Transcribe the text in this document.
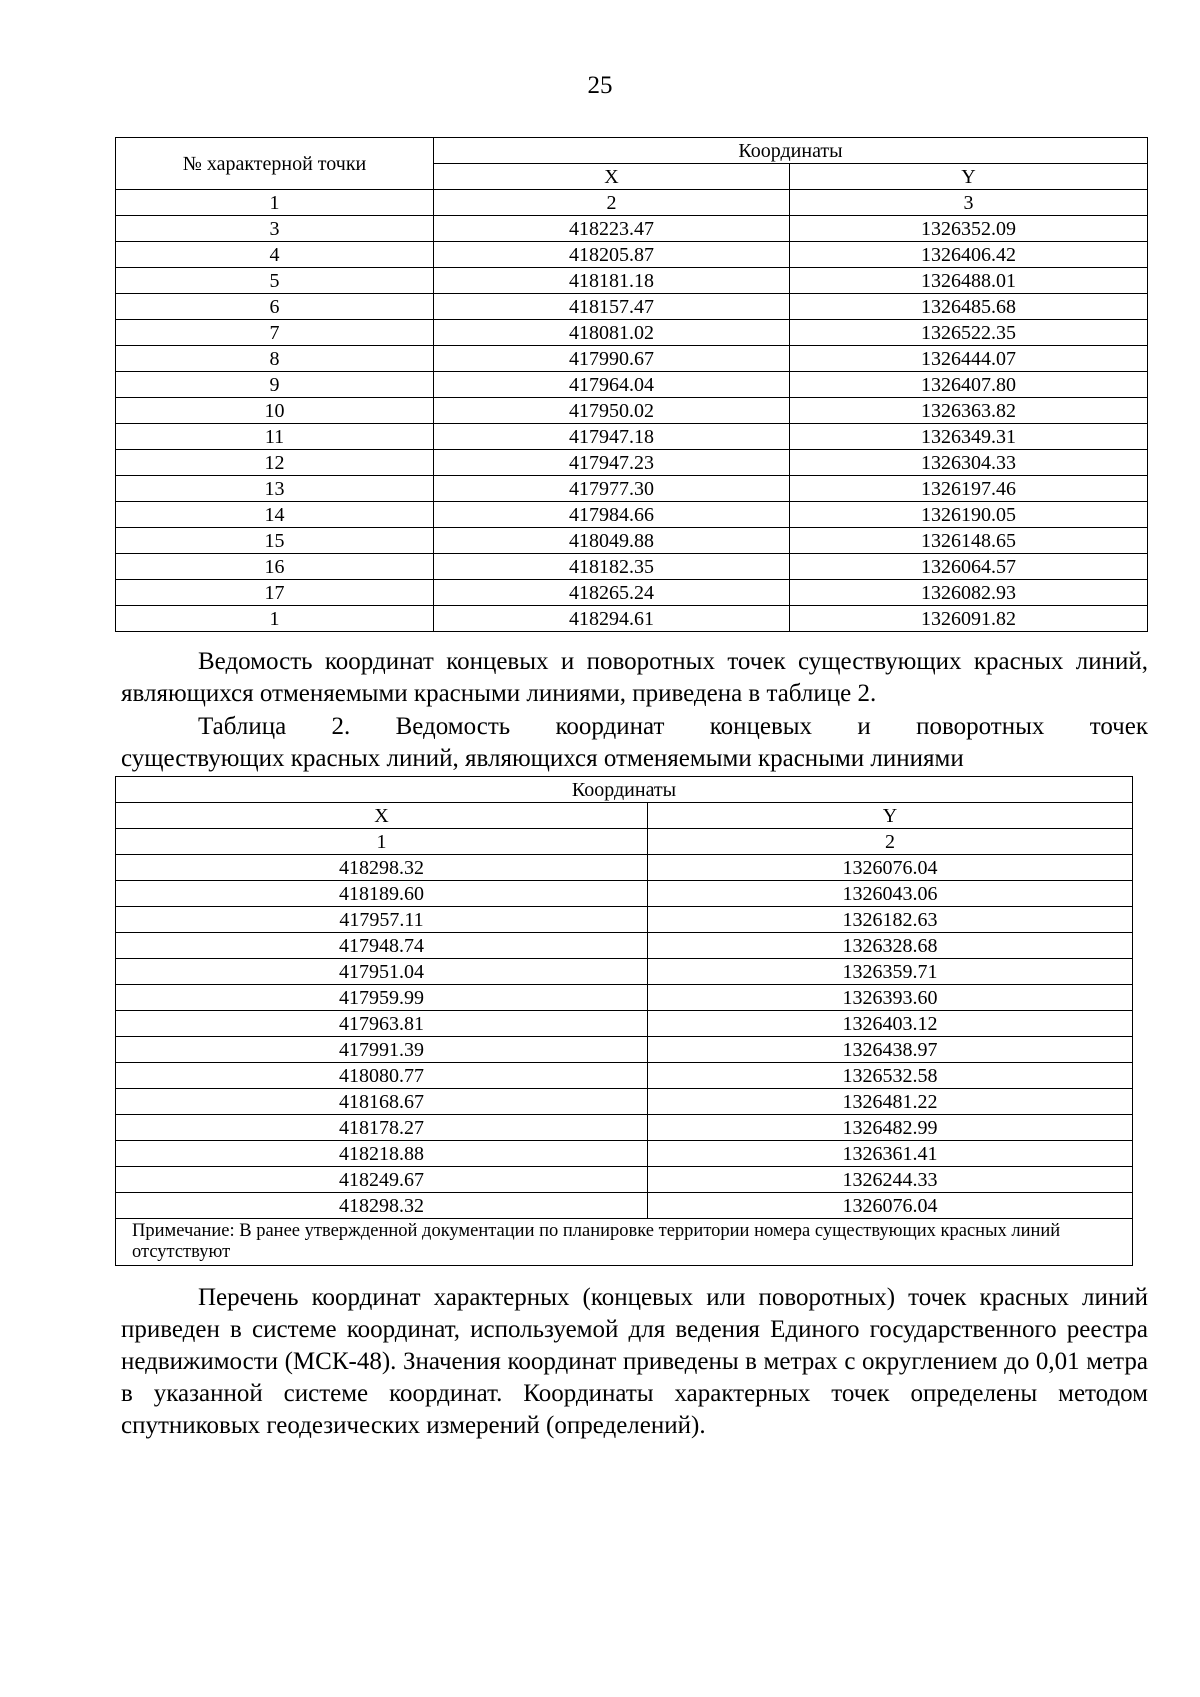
25
№ характерной точки	Координаты	
	X	Y
1	2	3
3	418223.47	1326352.09
4	418205.87	1326406.42
5	418181.18	1326488.01
6	418157.47	1326485.68
7	418081.02	1326522.35
8	417990.67	1326444.07
9	417964.04	1326407.80
10	417950.02	1326363.82
11	417947.18	1326349.31
12	417947.23	1326304.33
13	417977.30	1326197.46
14	417984.66	1326190.05
15	418049.88	1326148.65
16	418182.35	1326064.57
17	418265.24	1326082.93
1	418294.61	1326091.82

Ведомость координат концевых и поворотных точек существующих красных линий, являющихся отменяемыми красными линиями, приведена в таблице 2.

Таблица 2. Ведомость координат концевых и поворотных точек

существующих красных линий, являющихся отменяемыми красными линиями

Координаты	
X	Y
1	2
418298.32	1326076.04
418189.60	1326043.06
417957.11	1326182.63
417948.74	1326328.68
417951.04	1326359.71
417959.99	1326393.60
417963.81	1326403.12
417991.39	1326438.97
418080.77	1326532.58
418168.67	1326481.22
418178.27	1326482.99
418218.88	1326361.41
418249.67	1326244.33
418298.32	1326076.04
Примечание: В ранее утвержденной документации по планировке территории номера существующих красных линий отсутствуют	

Перечень координат характерных (концевых или поворотных) точек красных линий приведен в системе координат, используемой для ведения Единого государственного реестра недвижимости (МСК-48). Значения координат приведены в метрах с округлением до 0,01 метра в указанной системе координат. Координаты характерных точек определены методом спутниковых геодезических измерений (определений).
